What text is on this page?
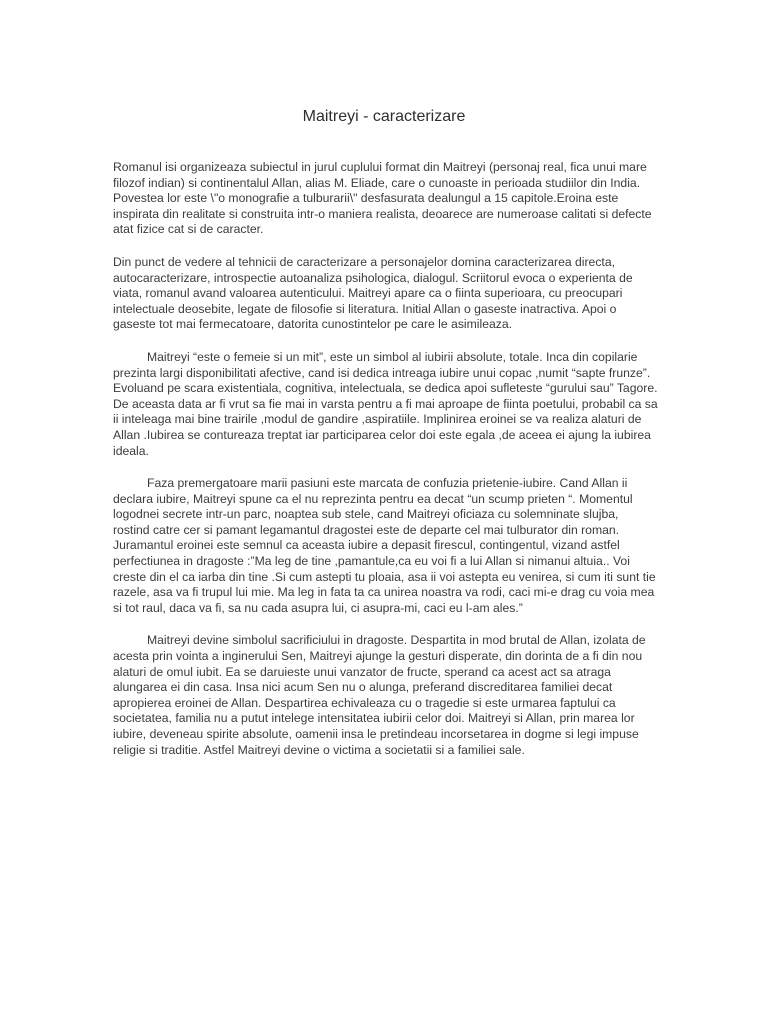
Maitreyi - caracterizare

Romanul isi organizeaza subiectul in jurul cuplului format din Maitreyi (personaj real, fica unui mare filozof indian) si continentalul Allan, alias M. Eliade, care o cunoaste in perioada studiilor din India. Povestea lor este \"o monografie a tulburarii\" desfasurata dealungul a 15 capitole.Eroina este inspirata din realitate si construita intr-o maniera realista, deoarece are numeroase calitati si defecte atat fizice cat si de caracter.

Din punct de vedere al tehnicii de caracterizare a personajelor domina caracterizarea directa, autocaracterizare, introspectie autoanaliza psihologica, dialogul. Scriitorul evoca o experienta de viata, romanul avand valoarea autenticului. Maitreyi apare ca o fiinta superioara, cu preocupari intelectuale deosebite, legate de filosofie si literatura. Initial Allan o gaseste inatractiva. Apoi o gaseste tot mai fermecatoare, datorita cunostintelor pe care le asimileaza.

Maitreyi “este o femeie si un mit”, este un simbol al iubirii absolute, totale. Inca din copilarie prezinta largi disponibilitati afective, cand isi dedica intreaga iubire unui copac ,numit “sapte frunze”. Evoluand pe scara existentiala, cognitiva, intelectuala, se dedica apoi sufleteste “gurului sau” Tagore. De aceasta data ar fi vrut sa fie mai in varsta pentru a fi mai aproape de fiinta poetului, probabil ca sa ii inteleaga mai bine trairile ,modul de gandire ,aspiratiile. Implinirea eroinei se va realiza alaturi de Allan .Iubirea se contureaza treptat iar participarea celor doi este egala ,de aceea ei ajung la iubirea ideala.

Faza premergatoare marii pasiuni este marcata de confuzia prietenie-iubire. Cand Allan ii declara iubire, Maitreyi spune ca el nu reprezinta pentru ea decat “un scump prieten “. Momentul logodnei secrete intr-un parc, noaptea sub stele, cand Maitreyi oficiaza cu solemninate slujba, rostind catre cer si pamant legamantul dragostei este de departe cel mai tulburator din roman. Juramantul eroinei este semnul ca aceasta iubire a depasit firescul, contingentul, vizand astfel perfectiunea in dragoste :”Ma leg de tine ,pamantule,ca eu voi fi a lui Allan si nimanui altuia.. Voi creste din el ca iarba din tine .Si cum astepti tu ploaia, asa ii voi astepta eu venirea, si cum iti sunt tie razele, asa va fi trupul lui mie. Ma leg in fata ta ca unirea noastra va rodi, caci mi-e drag cu voia mea si tot raul, daca va fi, sa nu cada asupra lui, ci asupra-mi, caci eu l-am ales.”

Maitreyi devine simbolul sacrificiului in dragoste. Despartita in mod brutal de Allan, izolata de acesta prin vointa a inginerului Sen, Maitreyi ajunge la gesturi disperate, din dorinta de a fi din nou alaturi de omul iubit. Ea se daruieste unui vanzator de fructe, sperand ca acest act sa atraga alungarea ei din casa. Insa nici acum Sen nu o alunga, preferand discreditarea familiei decat apropierea eroinei de Allan. Despartirea echivaleaza cu o tragedie si este urmarea faptului ca societatea, familia nu a putut intelege intensitatea iubirii celor doi. Maitreyi si Allan, prin marea lor iubire, deveneau spirite absolute, oamenii insa le pretindeau incorsetarea in dogme si legi impuse religie si traditie. Astfel Maitreyi devine o victima a societatii si a familiei sale.
